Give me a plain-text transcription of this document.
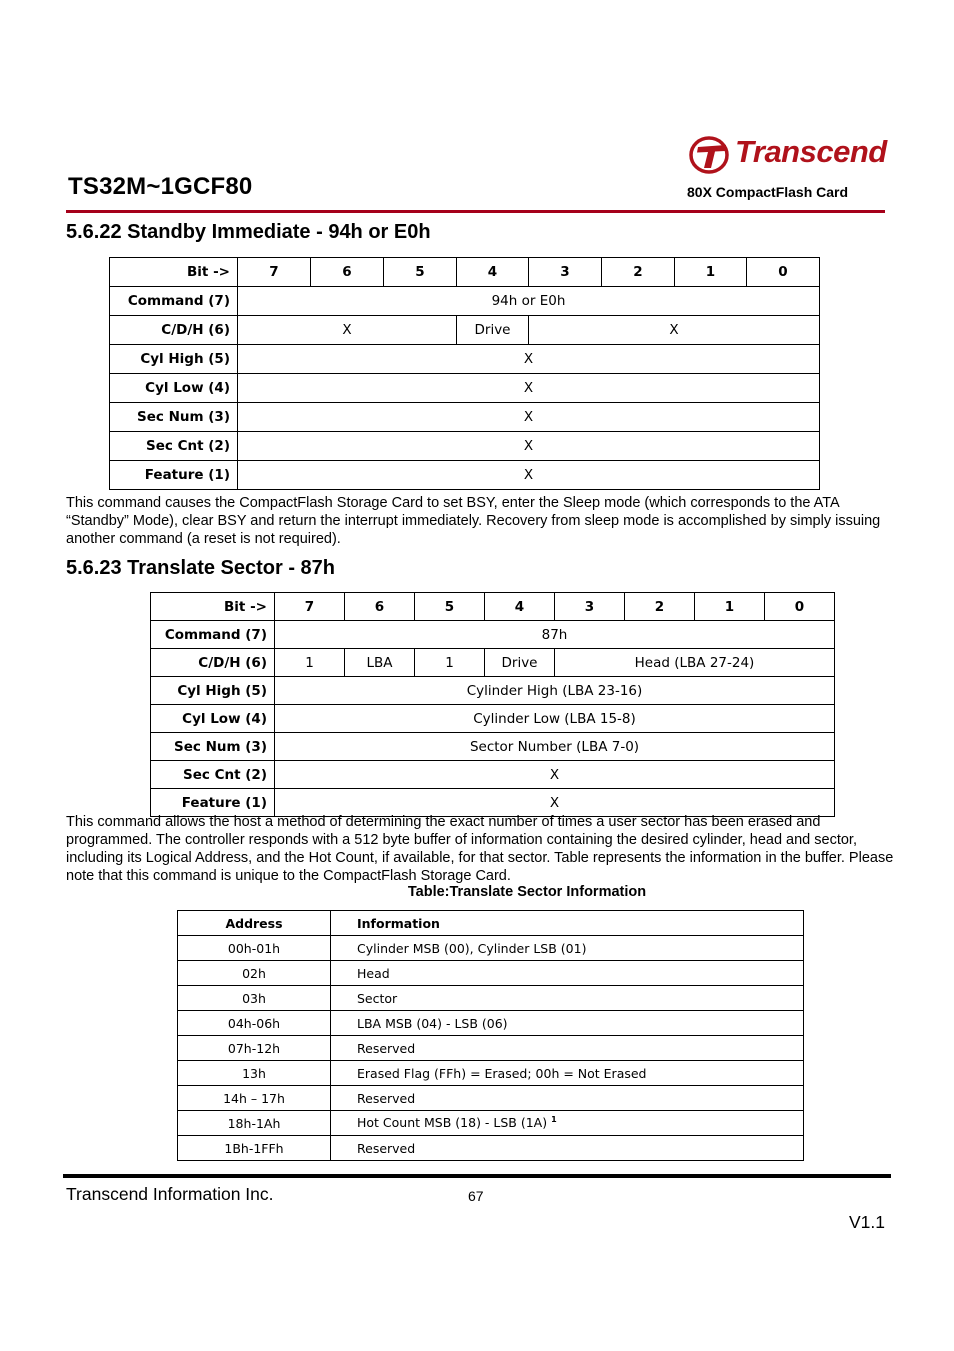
Transcend
80X CompactFlash Card
TS32M~1GCF80
5.6.22 Standby Immediate - 94h or E0h
Bit ->	7	6	5	4	3	2	1	0
Command (7)	94h or E0h							
C/D/H (6)	X			Drive	X			
Cyl High (5)	X							
Cyl Low (4)	X							
Sec Num (3)	X							
Sec Cnt (2)	X							
Feature (1)	X							
This command causes the CompactFlash Storage Card to set BSY, enter the Sleep mode (which corresponds to the ATA “Standby” Mode), clear BSY and return the interrupt immediately. Recovery from sleep mode is accomplished by simply issuing another command (a reset is not required).
5.6.23 Translate Sector - 87h
Bit ->	7	6	5	4	3	2	1	0
Command (7)	87h							
C/D/H (6)	1	LBA	1	Drive	Head (LBA 27-24)			
Cyl High (5)	Cylinder High (LBA 23-16)							
Cyl Low (4)	Cylinder Low (LBA 15-8)							
Sec Num (3)	Sector Number (LBA 7-0)							
Sec Cnt (2)	X							
Feature (1)	X							
This command allows the host a method of determining the exact number of times a user sector has been erased and programmed. The controller responds with a 512 byte buffer of information containing the desired cylinder, head and sector, including its Logical Address, and the Hot Count, if available, for that sector. Table represents the information in the buffer. Please note that this command is unique to the CompactFlash Storage Card.
Table:Translate Sector Information
Address	Information
00h-01h	Cylinder MSB (00), Cylinder LSB (01)
02h	Head
03h	Sector
04h-06h	LBA MSB (04) - LSB (06)
07h-12h	Reserved
13h	Erased Flag (FFh) = Erased; 00h = Not Erased
14h – 17h	Reserved
18h-1Ah	Hot Count MSB (18) - LSB (1A) $^1$
1Bh-1FFh	Reserved
Transcend Information Inc.	67
V1.1
